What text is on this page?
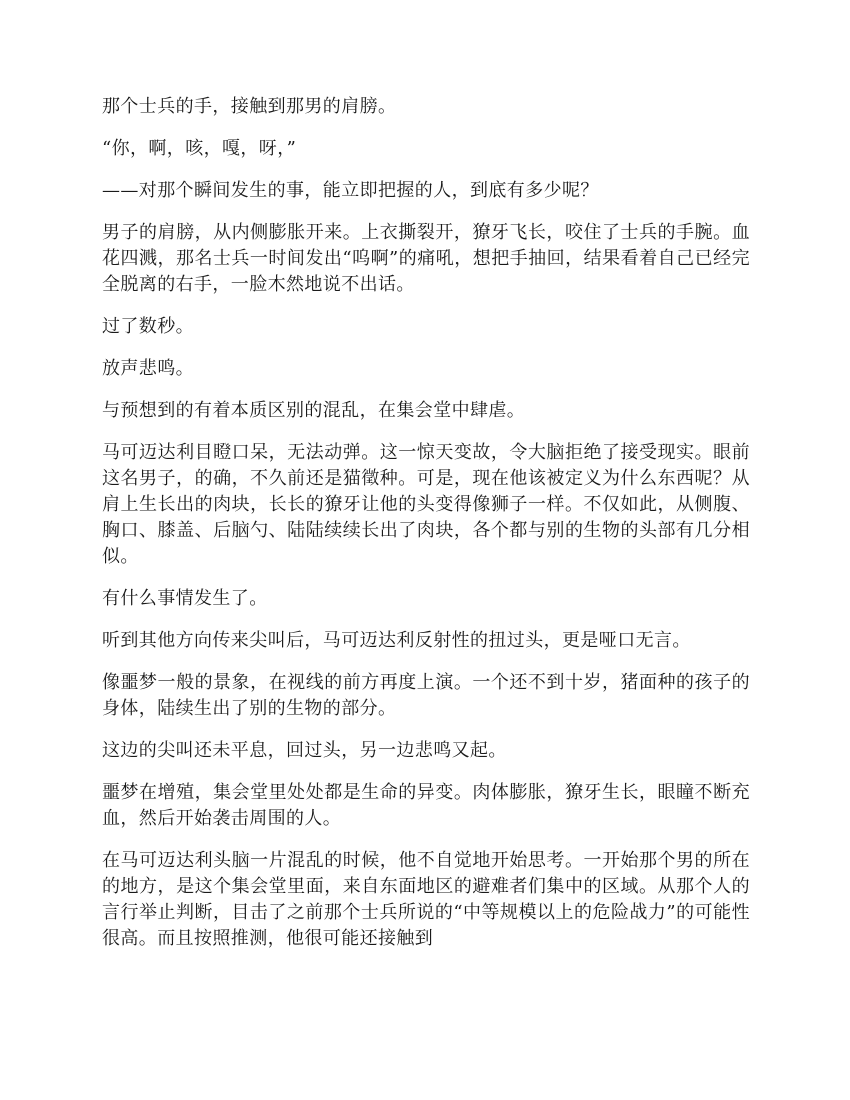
那个士兵的手，接触到那男的肩膀。

“你，啊，咳，嘎，呀，”

——对那个瞬间发生的事，能立即把握的人，到底有多少呢？

男子的肩膀，从内侧膨胀开来。上衣撕裂开，獠牙飞长，咬住了士兵的手腕。血花四溅，那名士兵一时间发出“呜啊”的痛吼，想把手抽回，结果看着自己已经完全脱离的右手，一脸木然地说不出话。

过了数秒。

放声悲鸣。

与预想到的有着本质区别的混乱，在集会堂中肆虐。

马可迈达利目瞪口呆，无法动弹。这一惊天变故，令大脑拒绝了接受现实。眼前这名男子，的确，不久前还是猫徵种。可是，现在他该被定义为什么东西呢？从肩上生长出的肉块，长长的獠牙让他的头变得像狮子一样。不仅如此，从侧腹、胸口、膝盖、后脑勺、陆陆续续长出了肉块，各个都与别的生物的头部有几分相似。

有什么事情发生了。

听到其他方向传来尖叫后，马可迈达利反射性的扭过头，更是哑口无言。

像噩梦一般的景象，在视线的前方再度上演。一个还不到十岁，猪面种的孩子的身体，陆续生出了别的生物的部分。

这边的尖叫还未平息，回过头，另一边悲鸣又起。

噩梦在增殖，集会堂里处处都是生命的异变。肉体膨胀，獠牙生长，眼瞳不断充血，然后开始袭击周围的人。

在马可迈达利头脑一片混乱的时候，他不自觉地开始思考。一开始那个男的所在的地方，是这个集会堂里面，来自东面地区的避难者们集中的区域。从那个人的言行举止判断，目击了之前那个士兵所说的“中等规模以上的危险战力”的可能性很高。而且按照推测，他很可能还接触到
